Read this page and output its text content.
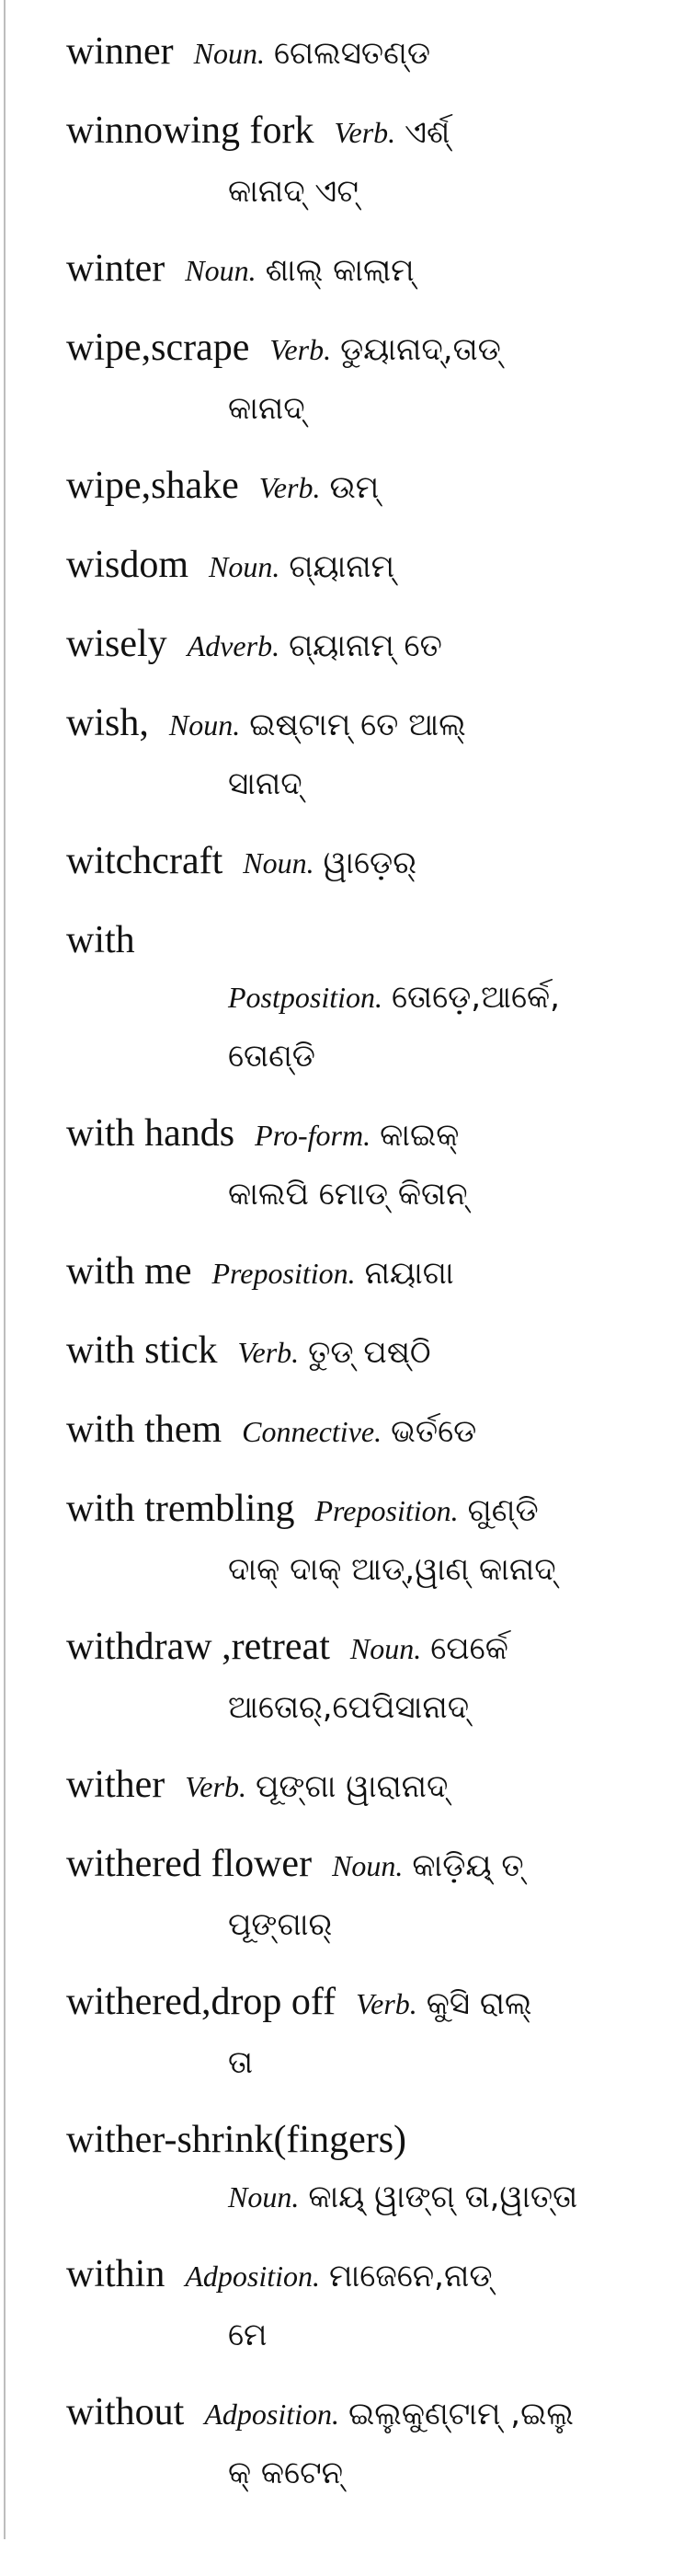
winner Noun. ଗେଲସତଣ୍ଡ
winnowing fork Verb. ଏର୍ଶ୍
କାନାଦ୍ ଏଟ୍
winter Noun. ଶାଲ୍ କାଲାମ୍
wipe,scrape Verb. ଡୁୟାନାଦ୍,ତାଡ୍
କାନାଦ୍
wipe,shake Verb. ଉମ୍
wisdom Noun. ଗ୍ୟାନାମ୍
wisely Adverb. ଗ୍ୟାନାମ୍ ତେ
wish, Noun. ଇଷ୍ଟାମ୍ ତେ ଆଲ୍
ସାନାଦ୍
witchcraft Noun. ୱାଡ଼େର୍
with
Postposition. ତୋଡ଼େ,ଆର୍କେ,
ତୋଣ୍ଡି
with hands Pro-form. କାଇକ୍
କାଲପି ମୋଡ୍ କିତାନ୍
with me Preposition. ନାୟାଗା
with stick Verb. ତୁଡ୍ ପଷ୍ଠି
with them Connective. ଭର୍ତଡେ
with trembling Preposition. ଗୁଣ୍ଡି
ଦାକ୍ ଦାକ୍ ଆଡ୍,ୱାଣ୍ କାନାଦ୍
withdraw ,retreat Noun. ପେର୍କେ
ଆତୋର୍,ପେପିସାନାଦ୍
wither Verb. ପୂଙ୍ଗା ୱାରାନାଦ୍
withered flower Noun. କାଡ଼ିୟ୍ ତ୍
ପୂଙ୍ଗାର୍
withered,drop off Verb. କୁସି ରାଲ୍
ତା
wither-shrink(fingers)
Noun. କାୟ୍ ୱାଙ୍ଗ୍ ତା,ୱାତ୍ତା
within Adposition. ମାଜେନେ,ନାଡ୍
ମେ
without Adposition. ଇଲୁକୁଣ୍ଟାମ୍ ,ଇଲୁ
କ୍ କଟେନ୍
